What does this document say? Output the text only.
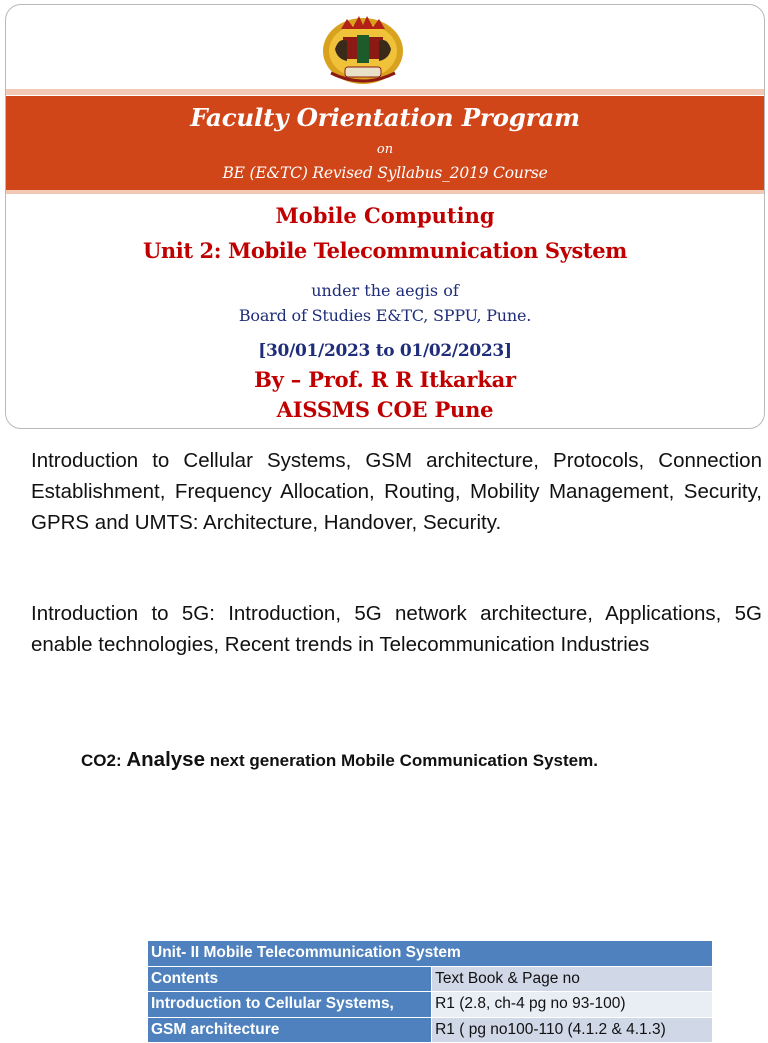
Faculty Orientation Program
on
BE (E&TC) Revised Syllabus_2019 Course
Mobile Computing
Unit 2: Mobile Telecommunication System
under the aegis of
Board of Studies E&TC, SPPU, Pune.
[30/01/2023 to 01/02/2023]
By – Prof. R R Itkarkar
AISSMS COE Pune

Introduction to Cellular Systems, GSM architecture, Protocols, Connection Establishment, Frequency Allocation, Routing, Mobility Management, Security, GPRS and UMTS: Architecture, Handover, Security.

Introduction to 5G: Introduction, 5G network architecture, Applications, 5G enable technologies, Recent trends in Telecommunication Industries

CO2: Analyse next generation Mobile Communication System.
Unit- II Mobile Telecommunication System	
Contents	Text Book & Page no
Introduction to Cellular Systems,	R1 (2.8, ch-4 pg no 93-100)
GSM architecture	R1 ( pg no100-110 (4.1.2 & 4.1.3)
